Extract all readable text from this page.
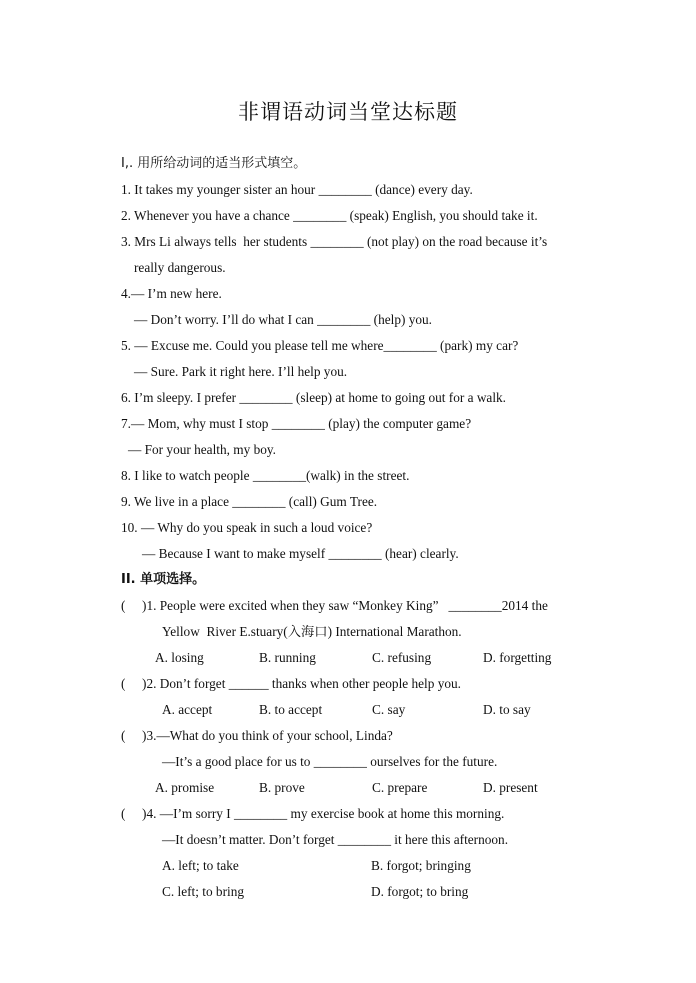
非谓语动词当堂达标题
I,. 用所给动词的适当形式填空。
1. It takes my younger sister an hour ________ (dance) every day.
2. Whenever you have a chance ________ (speak) English, you should take it.
3. Mrs Li always tells  her students ________ (not play) on the road because it’s
really dangerous.
4.— I’m new here.
— Don’t worry. I’ll do what I can ________ (help) you.
5. — Excuse me. Could you please tell me where________ (park) my car?
— Sure. Park it right here. I’ll help you.
6. I’m sleepy. I prefer ________ (sleep) at home to going out for a walk.
7.— Mom, why must I stop ________ (play) the computer game?
— For your health, my boy.
8. I like to watch people ________(walk) in the street.
9. We live in a place ________ (call) Gum Tree.
10. — Why do you speak in such a loud voice?
— Because I want to make myself ________ (hear) clearly.
II. 单项选择。
(     )1. People were excited when they saw “Monkey King”   ________2014 the
Yellow  River E.stuary(入海口) International Marathon.
A. losing	B. running	C. refusing	D. forgetting
(     )2. Don’t forget ______ thanks when other people help you.
A. accept	B. to accept	C. say	D. to say
(     )3.—What do you think of your school, Linda?
—It’s a good place for us to ________ ourselves for the future.
A. promise	B. prove	C. prepare	D. present
(     )4. —I’m sorry I ________ my exercise book at home this morning.
—It doesn’t matter. Don’t forget ________ it here this afternoon.
A. left; to take	B. forgot; bringing
C. left; to bring	D. forgot; to bring
